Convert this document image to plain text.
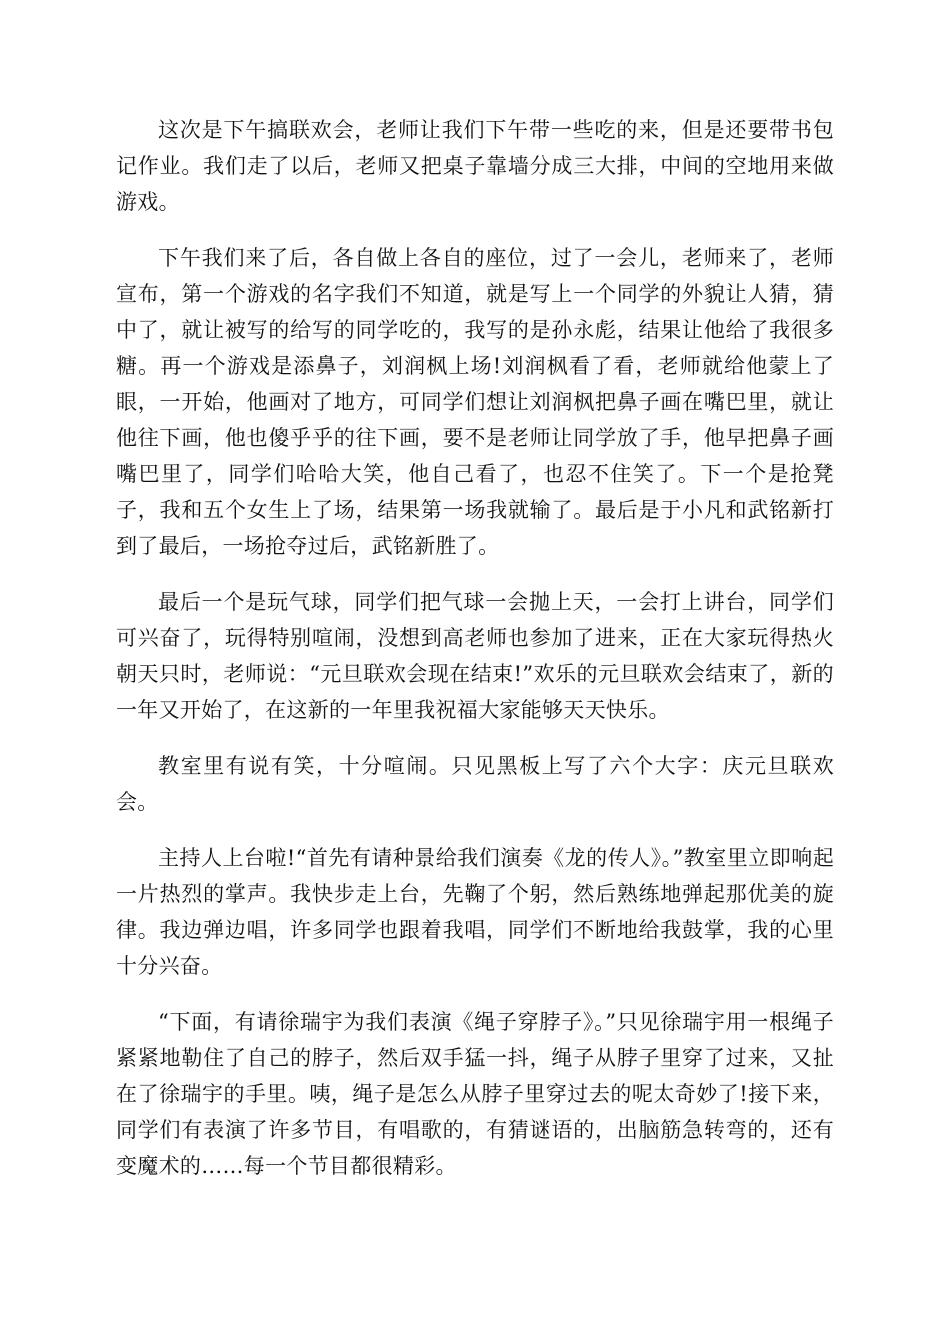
这次是下午搞联欢会，老师让我们下午带一些吃的来，但是还要带书包记作业。我们走了以后，老师又把桌子靠墙分成三大排，中间的空地用来做游戏。

下午我们来了后，各自做上各自的座位，过了一会儿，老师来了，老师宣布，第一个游戏的名字我们不知道，就是写上一个同学的外貌让人猜，猜中了，就让被写的给写的同学吃的，我写的是孙永彪，结果让他给了我很多糖。再一个游戏是添鼻子，刘润枫上场!刘润枫看了看，老师就给他蒙上了眼，一开始，他画对了地方，可同学们想让刘润枫把鼻子画在嘴巴里，就让他往下画，他也傻乎乎的往下画，要不是老师让同学放了手，他早把鼻子画嘴巴里了，同学们哈哈大笑，他自己看了，也忍不住笑了。下一个是抢凳子，我和五个女生上了场，结果第一场我就输了。最后是于小凡和武铭新打到了最后，一场抢夺过后，武铭新胜了。

最后一个是玩气球，同学们把气球一会抛上天，一会打上讲台，同学们可兴奋了，玩得特别喧闹，没想到高老师也参加了进来，正在大家玩得热火朝天只时，老师说：“元旦联欢会现在结束!”欢乐的元旦联欢会结束了，新的一年又开始了，在这新的一年里我祝福大家能够天天快乐。

教室里有说有笑，十分喧闹。只见黑板上写了六个大字：庆元旦联欢会。

主持人上台啦!“首先有请种景给我们演奏《龙的传人》。”教室里立即响起一片热烈的掌声。我快步走上台，先鞠了个躬，然后熟练地弹起那优美的旋律。我边弹边唱，许多同学也跟着我唱，同学们不断地给我鼓掌，我的心里十分兴奋。

“下面，有请徐瑞宇为我们表演《绳子穿脖子》。”只见徐瑞宇用一根绳子紧紧地勒住了自己的脖子，然后双手猛一抖，绳子从脖子里穿了过来，又扯在了徐瑞宇的手里。咦，绳子是怎么从脖子里穿过去的呢太奇妙了!接下来，同学们有表演了许多节目，有唱歌的，有猜谜语的，出脑筋急转弯的，还有变魔术的……每一个节目都很精彩。
